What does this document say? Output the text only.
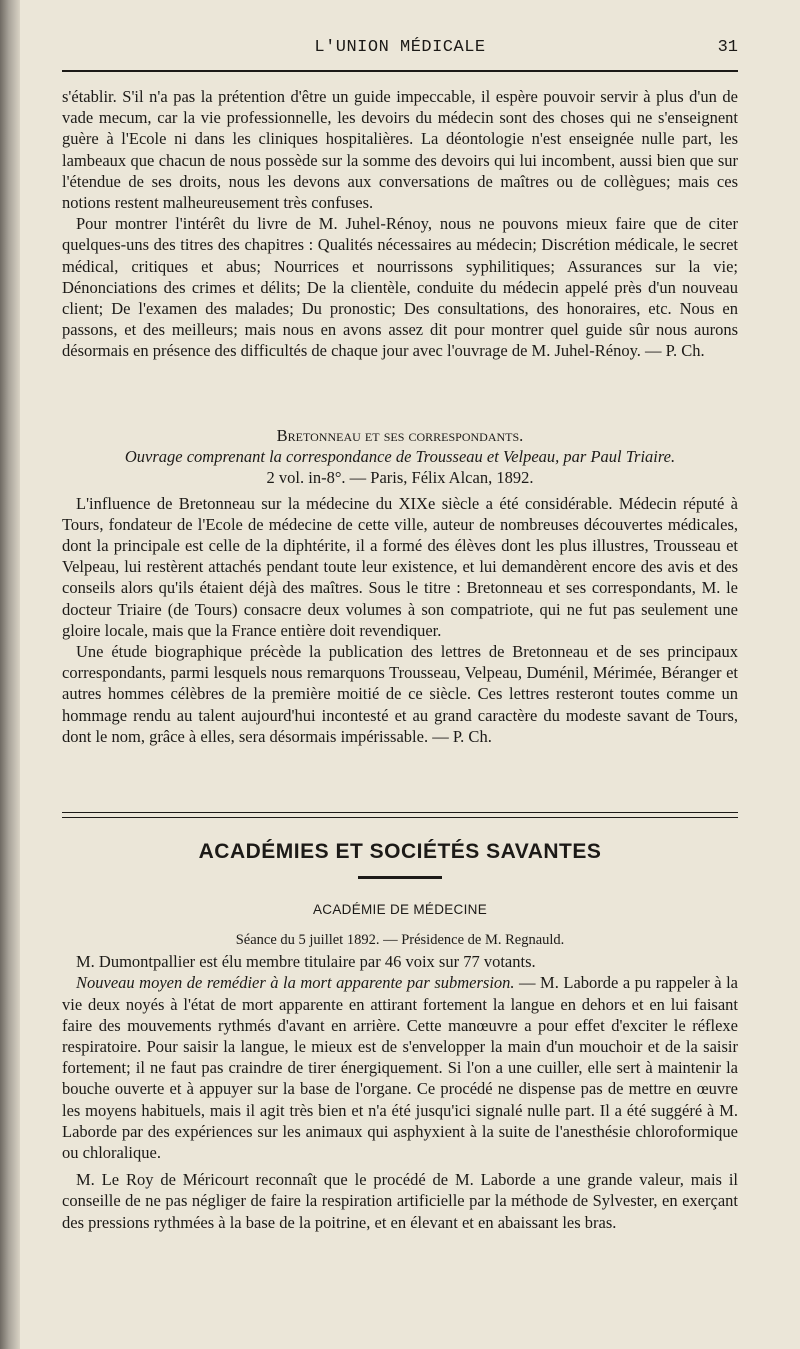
L'UNION MÉDICALE	31

s'établir. S'il n'a pas la prétention d'être un guide impeccable, il espère pouvoir servir à plus d'un de vade mecum, car la vie professionnelle, les devoirs du médecin sont des choses qui ne s'enseignent guère à l'Ecole ni dans les cliniques hospitalières. La déontologie n'est enseignée nulle part, les lambeaux que chacun de nous possède sur la somme des devoirs qui lui incombent, aussi bien que sur l'étendue de ses droits, nous les devons aux conversations de maîtres ou de collègues; mais ces notions restent malheureusement très confuses.

Pour montrer l'intérêt du livre de M. Juhel-Rénoy, nous ne pouvons mieux faire que de citer quelques-uns des titres des chapitres : Qualités nécessaires au médecin; Discrétion médicale, le secret médical, critiques et abus; Nourrices et nourrissons syphilitiques; Assurances sur la vie; Dénonciations des crimes et délits; De la clientèle, conduite du médecin appelé près d'un nouveau client; De l'examen des malades; Du pronostic; Des consultations, des honoraires, etc. Nous en passons, et des meilleurs; mais nous en avons assez dit pour montrer quel guide sûr nous aurons désormais en présence des difficultés de chaque jour avec l'ouvrage de M. Juhel-Rénoy. — P. Ch.

Bretonneau et ses correspondants.

Ouvrage comprenant la correspondance de Trousseau et Velpeau, par Paul Triaire.

2 vol. in-8°. — Paris, Félix Alcan, 1892.

L'influence de Bretonneau sur la médecine du XIXe siècle a été considérable. Médecin réputé à Tours, fondateur de l'Ecole de médecine de cette ville, auteur de nombreuses découvertes médicales, dont la principale est celle de la diphtérite, il a formé des élèves dont les plus illustres, Trousseau et Velpeau, lui restèrent attachés pendant toute leur existence, et lui demandèrent encore des avis et des conseils alors qu'ils étaient déjà des maîtres. Sous le titre : Bretonneau et ses correspondants, M. le docteur Triaire (de Tours) consacre deux volumes à son compatriote, qui ne fut pas seulement une gloire locale, mais que la France entière doit revendiquer.

Une étude biographique précède la publication des lettres de Bretonneau et de ses principaux correspondants, parmi lesquels nous remarquons Trousseau, Velpeau, Duménil, Mérimée, Béranger et autres hommes célèbres de la première moitié de ce siècle. Ces lettres resteront toutes comme un hommage rendu au talent aujourd'hui incontesté et au grand caractère du modeste savant de Tours, dont le nom, grâce à elles, sera désormais impérissable. — P. Ch.

ACADÉMIES ET SOCIÉTÉS SAVANTES
ACADÉMIE DE MÉDECINE

Séance du 5 juillet 1892. — Présidence de M. Regnauld.

M. Dumontpallier est élu membre titulaire par 46 voix sur 77 votants.

Nouveau moyen de remédier à la mort apparente par submersion. — M. Laborde a pu rappeler à la vie deux noyés à l'état de mort apparente en attirant fortement la langue en dehors et en lui faisant faire des mouvements rythmés d'avant en arrière. Cette manœuvre a pour effet d'exciter le réflexe respiratoire. Pour saisir la langue, le mieux est de s'envelopper la main d'un mouchoir et de la saisir fortement; il ne faut pas craindre de tirer énergiquement. Si l'on a une cuiller, elle sert à maintenir la bouche ouverte et à appuyer sur la base de l'organe. Ce procédé ne dispense pas de mettre en œuvre les moyens habituels, mais il agit très bien et n'a été jusqu'ici signalé nulle part. Il a été suggéré à M. Laborde par des expériences sur les animaux qui asphyxient à la suite de l'anesthésie chloroformique ou chloralique.

M. Le Roy de Méricourt reconnaît que le procédé de M. Laborde a une grande valeur, mais il conseille de ne pas négliger de faire la respiration artificielle par la méthode de Sylvester, en exerçant des pressions rythmées à la base de la poitrine, et en élevant et en abaissant les bras.
